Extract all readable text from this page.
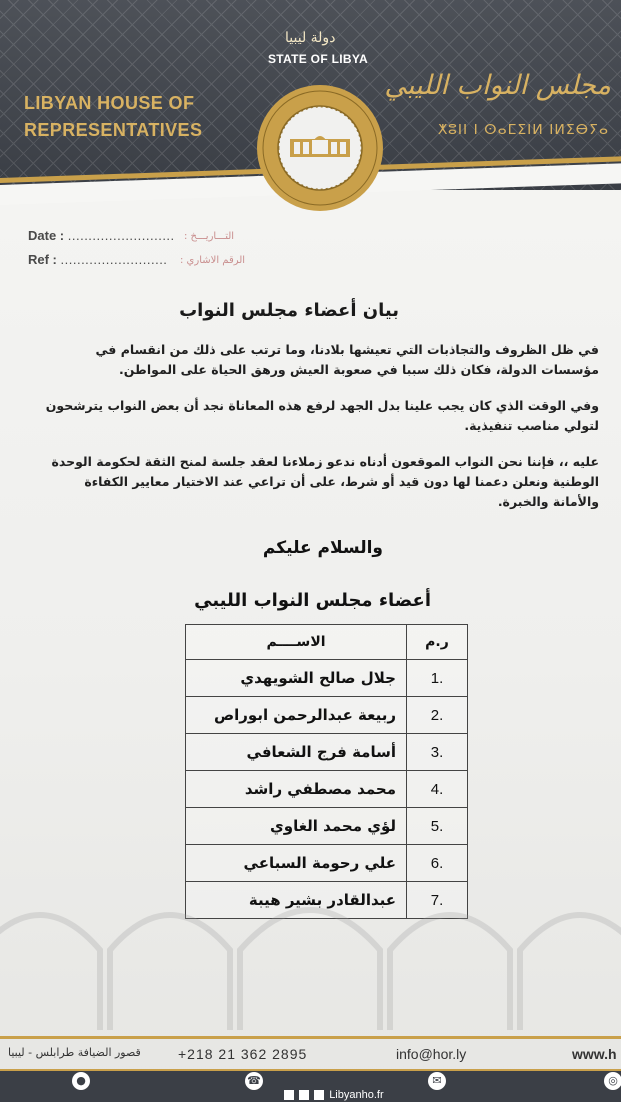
دولة ليبيا
STATE OF LIBYA
LIBYAN HOUSE OF
REPRESENTATIVES
مجلس النواب الليبي
ⵅⵓⵏⵏ ⵏ ⵙⴰⵎⵉⵏⵍ ⵏⵍⵉⴱⵢⴰ
Date : .......................... التـــاريـــخ :
Ref : .......................... الرقم الاشاري :
بيان أعضاء مجلس النواب
في ظل الظروف والتجاذبات التي تعيشها بلادنا، وما ترتب على ذلك من انقسام في مؤسسات الدولة، فكان ذلك سببا في صعوبة العيش ورهق الحياة على المواطن.
وفي الوقت الذي كان يجب علينا بدل الجهد لرفع هذه المعاناة نجد أن بعض النواب يترشحون لتولي مناصب تنفيذية.
عليه ،، فإننا نحن النواب الموقعون أدناه ندعو زملاءنا لعقد جلسة لمنح الثقة لحكومة الوحدة الوطنية ونعلن دعمنا لها دون قيد أو شرط، على أن تراعي عند الاختيار معايير الكفاءة والأمانة والخبرة.
والسلام عليكم
أعضاء مجلس النواب الليبي
ر.م	الاســــم
1.	جلال صالح الشويهدي
2.	ربيعة عبدالرحمن ابوراص
3.	أسامة فرج الشعافي
4.	محمد مصطفي راشد
5.	لؤي محمد الغاوي
6.	علي رحومة السباعي
7.	عبدالقادر بشير هيبة
قصور الضيافة طرابلس - ليبيا	+218 21 362 2895	info@hor.ly	www.h
●	☎	✉	◎
Libyanho.fr
